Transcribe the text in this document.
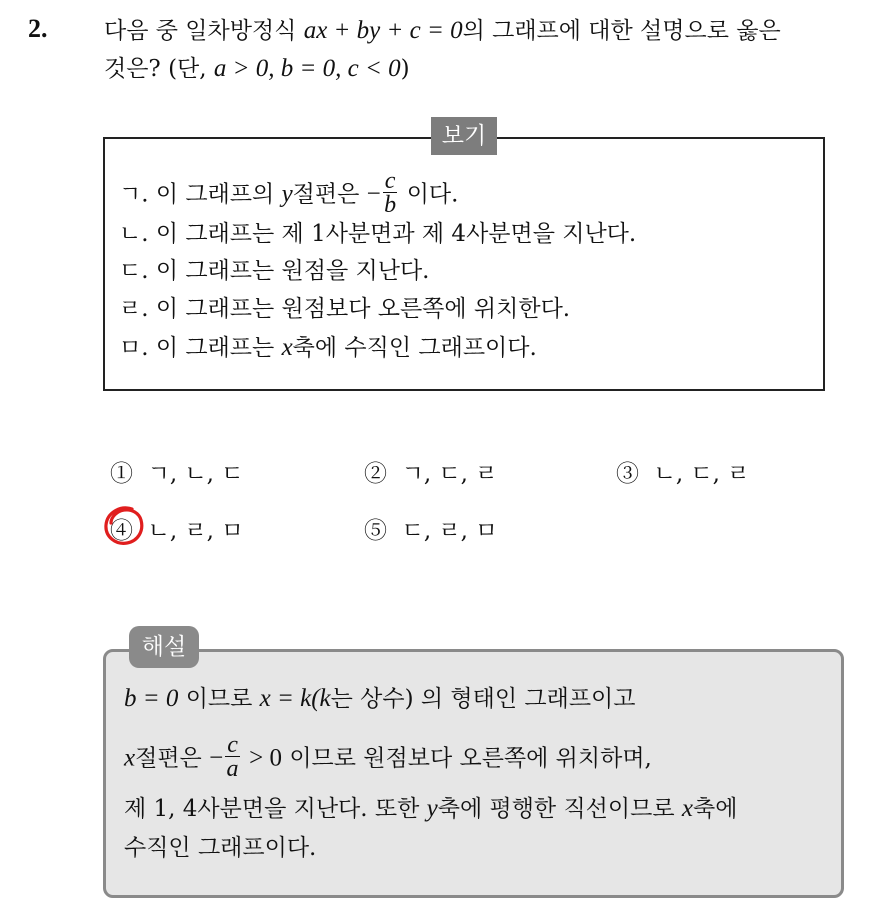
2. 다음 중 일차방정식 ax + by + c = 0의 그래프에 대한 설명으로 옳은
것은? (단, a > 0, b = 0, c < 0)
보기
ㄱ. 이 그래프의 y절편은 − $\frac{c}{b}$ 이다.
ㄴ. 이 그래프는 제 1사분면과 제 4사분면을 지난다.
ㄷ. 이 그래프는 원점을 지난다.
ㄹ. 이 그래프는 원점보다 오른쪽에 위치한다.
ㅁ. 이 그래프는 x축에 수직인 그래프이다.
① ㄱ, ㄴ, ㄷ	② ㄱ, ㄷ, ㄹ	③ ㄴ, ㄷ, ㄹ
④ ㄴ, ㄹ, ㅁ	⑤ ㄷ, ㄹ, ㅁ
해설
b = 0 이므로 x = k(k는 상수) 의 형태인 그래프이고
x절편은 − $\frac{c}{a} > 0$ 이므로 원점보다 오른쪽에 위치하며,
제 1, 4사분면을 지난다. 또한 y축에 평행한 직선이므로 x축에
수직인 그래프이다.
